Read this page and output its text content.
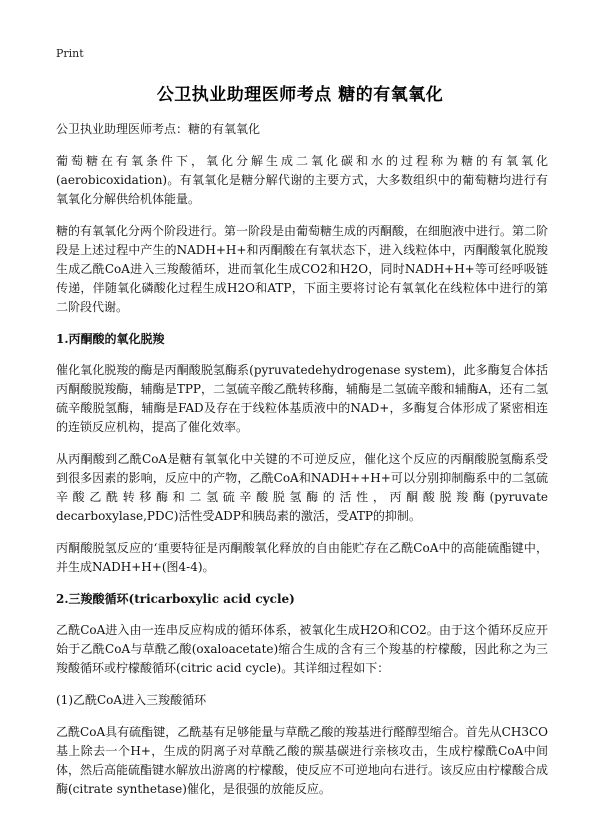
Print
公卫执业助理医师考点 糖的有氧氧化

公卫执业助理医师考点：糖的有氧氧化

葡萄糖在有氧条件下，氧化分解生成二氧化碳和水的过程称为糖的有氧氧化(aerobicoxidation)。有氧氧化是糖分解代谢的主要方式，大多数组织中的葡萄糖均进行有氧氧化分解供给机体能量。

糖的有氧氧化分两个阶段进行。第一阶段是由葡萄糖生成的丙酮酸，在细胞液中进行。第二阶段是上述过程中产生的NADH+H+和丙酮酸在有氧状态下，进入线粒体中，丙酮酸氧化脱羧生成乙酰CoA进入三羧酸循环，进而氧化生成CO2和H2O，同时NADH+H+等可经呼吸链传递，伴随氧化磷酸化过程生成H2O和ATP，下面主要将讨论有氧氧化在线粒体中进行的第二阶段代谢。

1.丙酮酸的氧化脱羧

催化氧化脱羧的酶是丙酮酸脱氢酶系(pyruvatedehydrogenase system)，此多酶复合体括丙酮酸脱羧酶，辅酶是TPP，二氢硫辛酸乙酰转移酶，辅酶是二氢硫辛酸和辅酶A，还有二氢硫辛酸脱氢酶，辅酶是FAD及存在于线粒体基质液中的NAD+，多酶复合体形成了紧密相连的连锁反应机构，提高了催化效率。

从丙酮酸到乙酰CoA是糖有氧氧化中关键的不可逆反应，催化这个反应的丙酮酸脱氢酶系受到很多因素的影响，反应中的产物，乙酰CoA和NADH++H+可以分别抑制酶系中的二氢硫辛酸乙酰转移酶和二氢硫辛酸脱氢酶的活性，丙酮酸脱羧酶(pyruvate decarboxylase,PDC)活性受ADP和胰岛素的激活，受ATP的抑制。

丙酮酸脱氢反应的‘重要特征是丙酮酸氧化释放的自由能贮存在乙酰CoA中的高能硫酯键中，并生成NADH+H+(图4-4)。

2.三羧酸循环(tricarboxylic acid cycle)

乙酰CoA进入由一连串反应构成的循环体系，被氧化生成H2O和CO2。由于这个循环反应开始于乙酰CoA与草酰乙酸(oxaloacetate)缩合生成的含有三个羧基的柠檬酸，因此称之为三羧酸循环或柠檬酸循环(citric acid cycle)。其详细过程如下：

(1)乙酰CoA进入三羧酸循环

乙酰CoA具有硫酯键，乙酰基有足够能量与草酰乙酸的羧基进行醛醇型缩合。首先从CH3CO基上除去一个H+，生成的阴离子对草酰乙酸的羰基碳进行亲核攻击，生成柠檬酰CoA中间体，然后高能硫酯键水解放出游离的柠檬酸，使反应不可逆地向右进行。该反应由柠檬酸合成酶(citrate synthetase)催化，是很强的放能反应。
